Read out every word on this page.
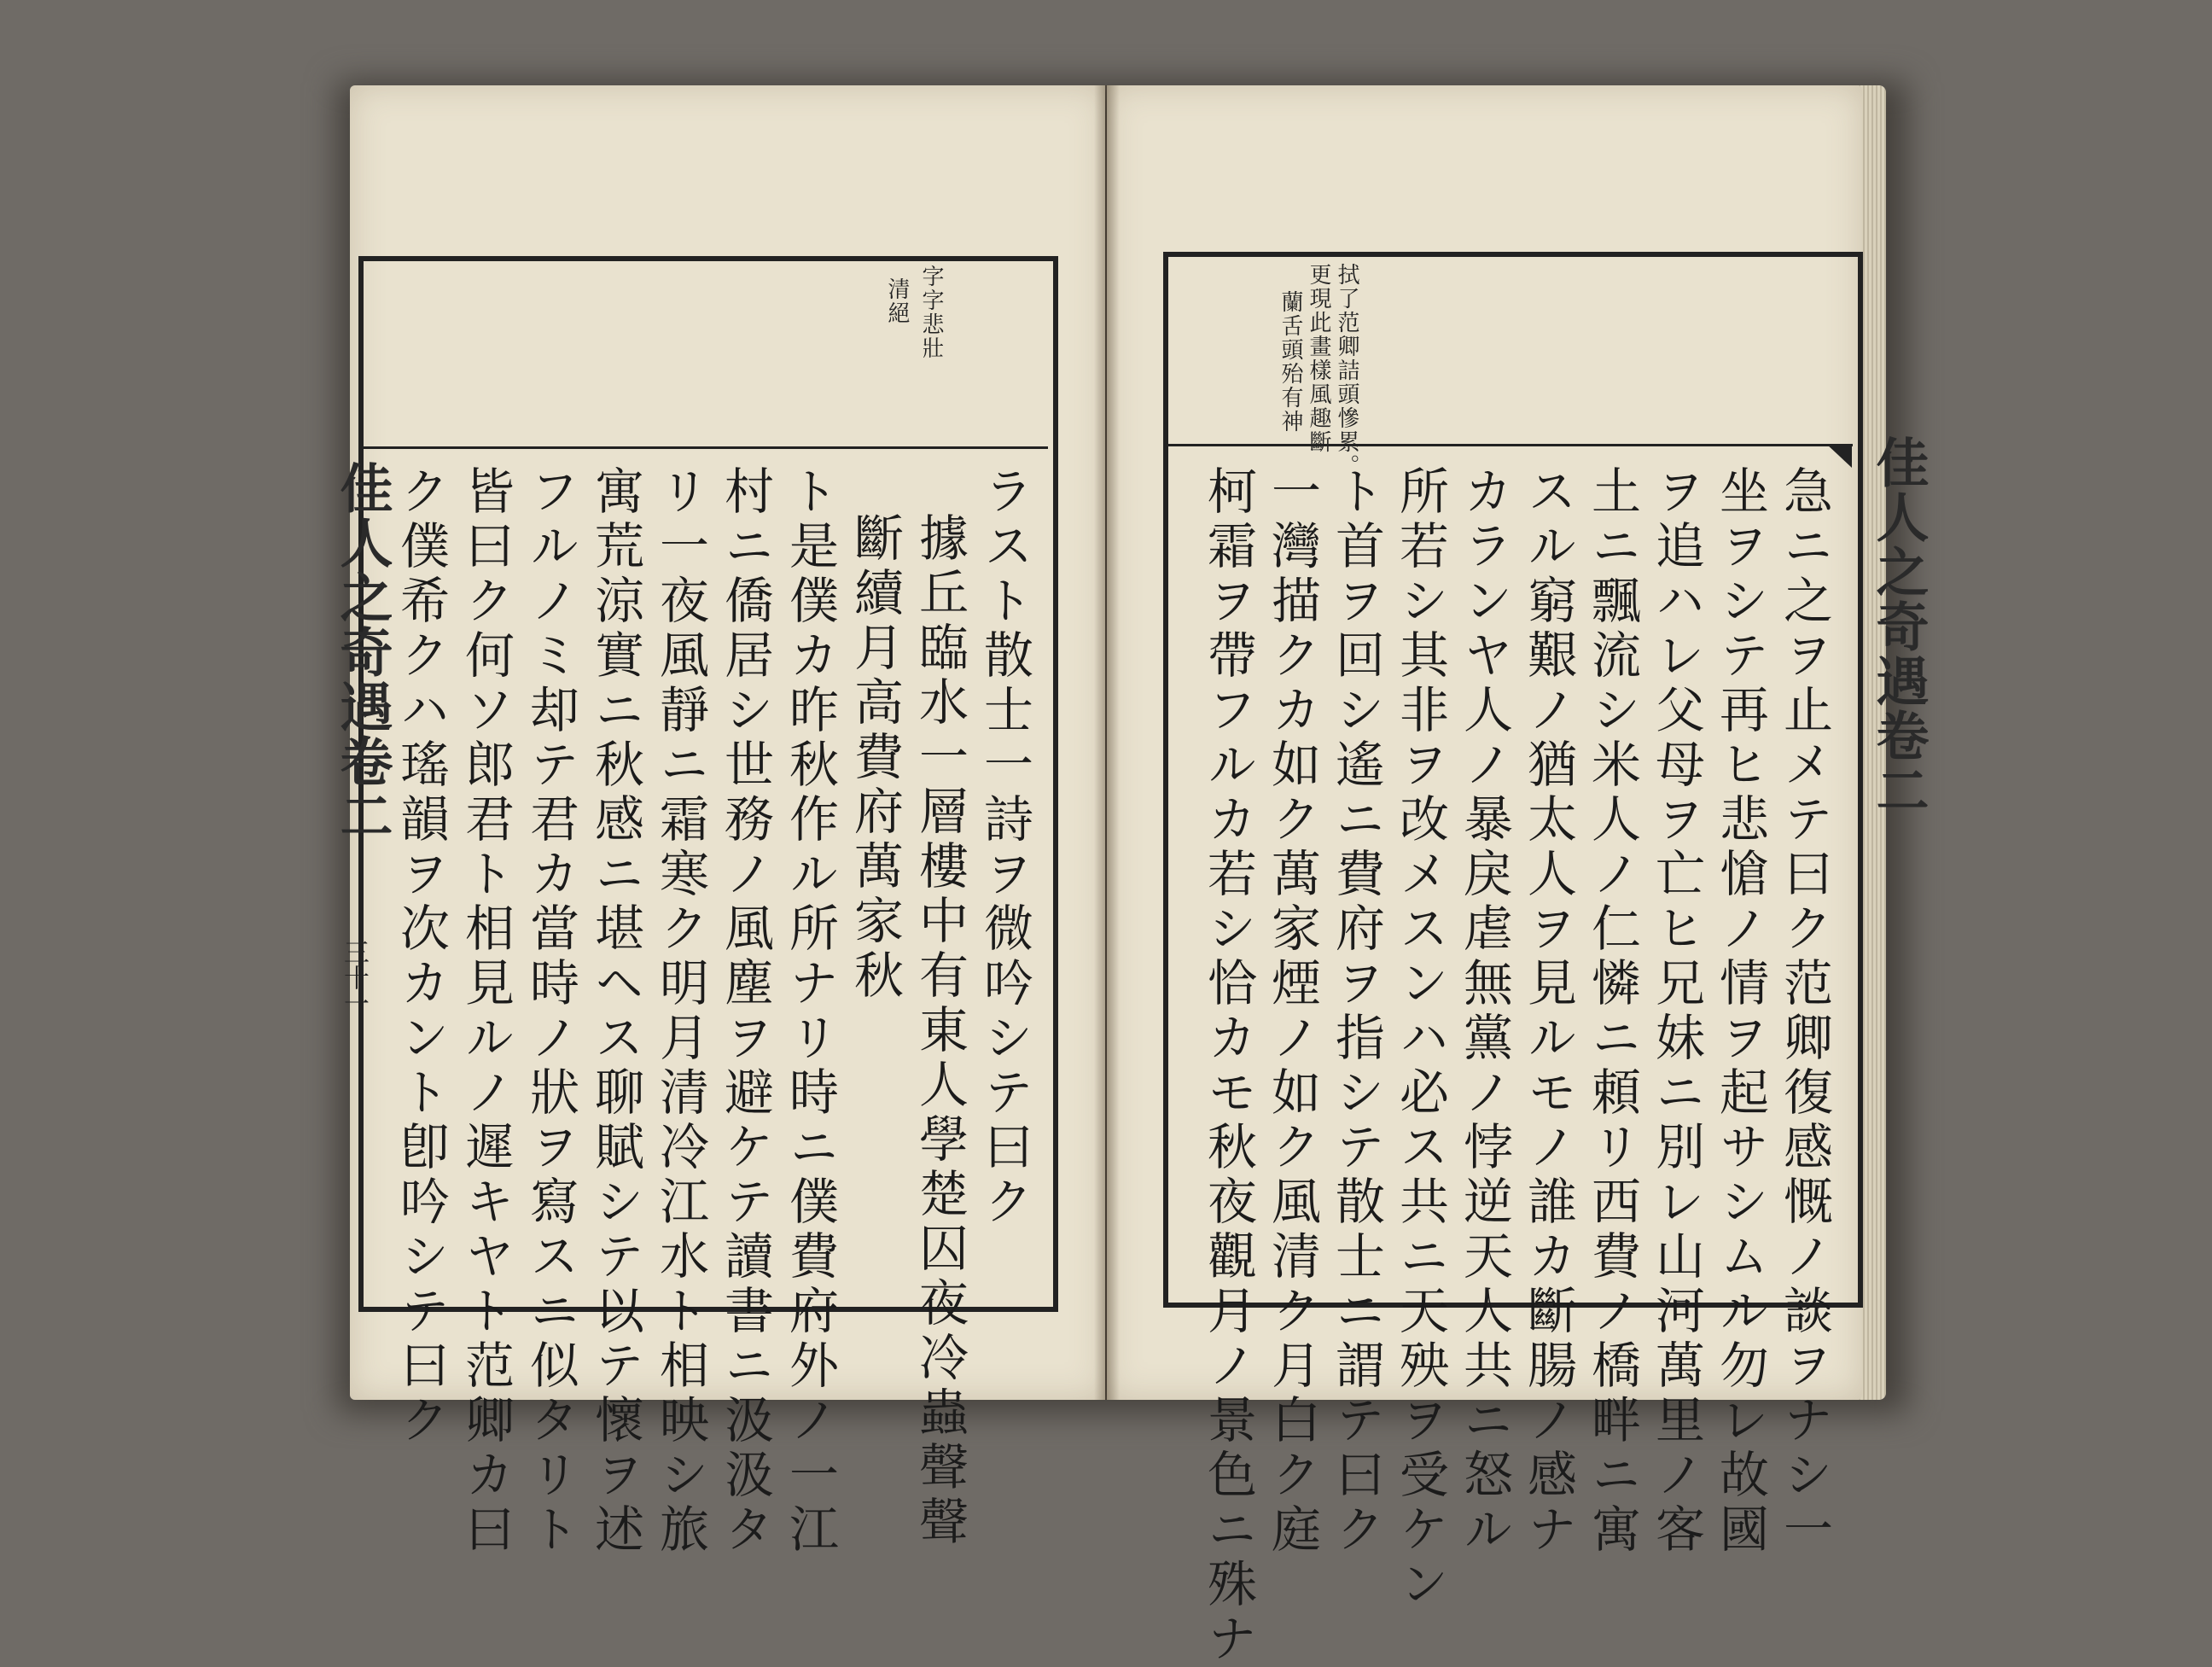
字字悲壯
清絕
ラスト散士一詩ヲ微吟シテ曰ク
據丘臨水一層樓中有東人學楚囚夜冷蟲聲聲
斷續月高費府萬家秋
ト是僕カ昨秋作ル所ナリ時ニ僕費府外ノ一江
村ニ僑居シ世務ノ風塵ヲ避ケテ讀書ニ汲汲タ
リ一夜風靜ニ霜寒ク明月清冷江水ト相映シ旅
寓荒涼實ニ秋感ニ堪ヘス聊賦シテ以テ懷ヲ述
フルノミ却テ君カ當時ノ狀ヲ寫スニ似タリト
皆曰ク何ソ郎君ト相見ルノ遲キヤト范卿カ曰
ク僕希クハ瑤韻ヲ次カント卽吟シテ曰ク
佳人之奇遇卷二
三十一
拭了范卿詰頭慘累。
更現此畫樣風趣斷
蘭舌頭殆有神
急ニ之ヲ止メテ曰ク范卿復感慨ノ談ヲナシ一
坐ヲシテ再ヒ悲愴ノ情ヲ起サシムル勿レ故國
ヲ追ハレ父母ヲ亡ヒ兄妹ニ別レ山河萬里ノ客
土ニ飄流シ米人ノ仁憐ニ頼リ西費ノ橋畔ニ寓
スル窮艱ノ猶太人ヲ見ルモノ誰カ斷腸ノ感ナ
カランヤ人ノ暴戾虐無黨ノ悖逆天人共ニ怒ル
所若シ其非ヲ改メスンハ必ス共ニ天殃ヲ受ケン
ト首ヲ回シ遙ニ費府ヲ指シテ散士ニ謂テ曰ク
一灣描クカ如ク萬家煙ノ如ク風清ク月白ク庭
柯霜ヲ帶フルカ若シ恰カモ秋夜觀月ノ景色ニ殊ナ	佳人之奇遇卷二
